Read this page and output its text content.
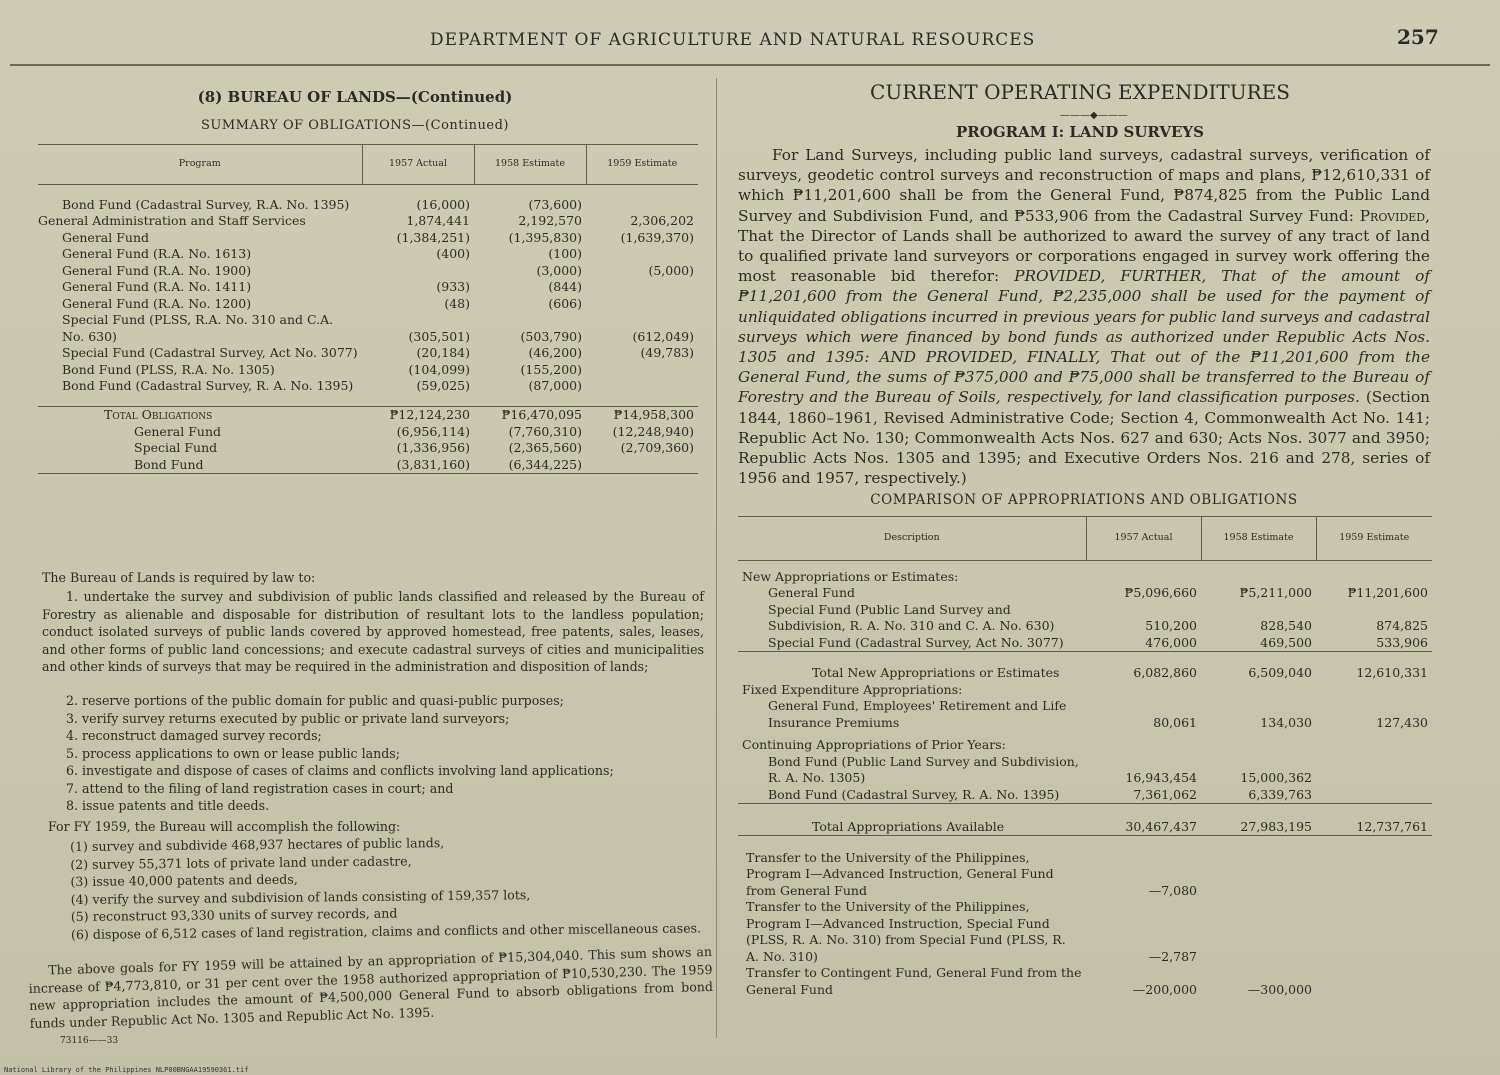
DEPARTMENT OF AGRICULTURE AND NATURAL RESOURCES	257
(8) BUREAU OF LANDS—(Continued)
SUMMARY OF OBLIGATIONS—(Continued)
Program	1957 Actual	1958 Estimate	1959 Estimate

Bond Fund (Cadastral Survey, R.A. No. 1395)	(16,000)	(73,600)	
General Administration and Staff Services	1,874,441	2,192,570	2,306,202
General Fund	(1,384,251)	(1,395,830)	(1,639,370)
General Fund (R.A. No. 1613)	(400)	(100)	
General Fund (R.A. No. 1900)		(3,000)	(5,000)
General Fund (R.A. No. 1411)	(933)	(844)	
General Fund (R.A. No. 1200)	(48)	(606)	
Special Fund (PLSS, R.A. No. 310 and C.A. No. 630)	(305,501)	(503,790)	(612,049)
Special Fund (Cadastral Survey, Act No. 3077)	(20,184)	(46,200)	(49,783)
Bond Fund (PLSS, R.A. No. 1305)	(104,099)	(155,200)	
Bond Fund (Cadastral Survey, R. A. No. 1395)	(59,025)	(87,000)	

Total Obligations	₱12,124,230	₱16,470,095	₱14,958,300
General Fund	(6,956,114)	(7,760,310)	(12,248,940)
Special Fund	(1,336,956)	(2,365,560)	(2,709,360)
Bond Fund	(3,831,160)	(6,344,225)	
The Bureau of Lands is required by law to:
1. undertake the survey and subdivision of public lands classified and released by the Bureau of Forestry as alienable and disposable for distribution of resultant lots to the landless population; conduct isolated surveys of public lands covered by approved homestead, free patents, sales, leases, and other forms of public land concessions; and execute cadastral surveys of cities and municipalities and other kinds of surveys that may be required in the administration and disposition of lands;
2. reserve portions of the public domain for public and quasi-public purposes;
3. verify survey returns executed by public or private land surveyors;
4. reconstruct damaged survey records;
5. process applications to own or lease public lands;
6. investigate and dispose of cases of claims and conflicts involving land applications;
7. attend to the filing of land registration cases in court; and
8. issue patents and title deeds.
For FY 1959, the Bureau will accomplish the following:
(1) survey and subdivide 468,937 hectares of public lands,
(2) survey 55,371 lots of private land under cadastre,
(3) issue 40,000 patents and deeds,
(4) verify the survey and subdivision of lands consisting of 159,357 lots,
(5) reconstruct 93,330 units of survey records, and
(6) dispose of 6,512 cases of land registration, claims and conflicts and other miscellaneous cases.
The above goals for FY 1959 will be attained by an appropriation of ₱15,304,040. This sum shows an increase of ₱4,773,810, or 31 per cent over the 1958 authorized appropriation of ₱10,530,230. The 1959 new appropriation includes the amount of ₱4,500,000 General Fund to absorb obligations from bond funds under Republic Act No. 1305 and Republic Act No. 1395.
73116——33
CURRENT OPERATING EXPENDITURES
———◆———
PROGRAM I: LAND SURVEYS
For Land Surveys, including public land surveys, cadastral surveys, verification of surveys, geodetic control surveys and reconstruction of maps and plans, ₱12,610,331 of which ₱11,201,600 shall be from the General Fund, ₱874,825 from the Public Land Survey and Subdivision Fund, and ₱533,906 from the Cadastral Survey Fund: Provided, That the Director of Lands shall be authorized to award the survey of any tract of land to qualified private land surveyors or corporations engaged in survey work offering the most reasonable bid therefor: PROVIDED, FURTHER, That of the amount of ₱11,201,600 from the General Fund, ₱2,235,000 shall be used for the payment of unliquidated obligations incurred in previous years for public land surveys and cadastral surveys which were financed by bond funds as authorized under Republic Acts Nos. 1305 and 1395: AND PROVIDED, FINALLY, That out of the ₱11,201,600 from the General Fund, the sums of ₱375,000 and ₱75,000 shall be transferred to the Bureau of Forestry and the Bureau of Soils, respectively, for land classification purposes. (Section 1844, 1860–1961, Revised Administrative Code; Section 4, Commonwealth Act No. 141; Republic Act No. 130; Commonwealth Acts Nos. 627 and 630; Acts Nos. 3077 and 3950; Republic Acts Nos. 1305 and 1395; and Executive Orders Nos. 216 and 278, series of 1956 and 1957, respectively.)
COMPARISON OF APPROPRIATIONS AND OBLIGATIONS
Description	1957 Actual	1958 Estimate	1959 Estimate

New Appropriations or Estimates:			
General Fund	₱5,096,660	₱5,211,000	₱11,201,600
Special Fund (Public Land Survey and Subdivision, R. A. No. 310 and C. A. No. 630)	510,200	828,540	874,825
Special Fund (Cadastral Survey, Act No. 3077)	476,000	469,500	533,906
Total New Appropriations or Estimates	6,082,860	6,509,040	12,610,331
Fixed Expenditure Appropriations:			
General Fund, Employees' Retirement and Life Insurance Premiums	80,061	134,030	127,430

Continuing Appropriations of Prior Years:			
Bond Fund (Public Land Survey and Subdivision, R. A. No. 1305)	16,943,454	15,000,362	
Bond Fund (Cadastral Survey, R. A. No. 1395)	7,361,062	6,339,763	
Total Appropriations Available	30,467,437	27,983,195	12,737,761

Transfer to the University of the Philippines, Program I—Advanced Instruction, General Fund from General Fund	—7,080		
Transfer to the University of the Philippines, Program I—Advanced Instruction, Special Fund (PLSS, R. A. No. 310) from Special Fund (PLSS, R. A. No. 310)	—2,787		
Transfer to Contingent Fund, General Fund from the General Fund	—200,000	—300,000	
National Library of the Philippines NLP00BNGAA19590361.tif
